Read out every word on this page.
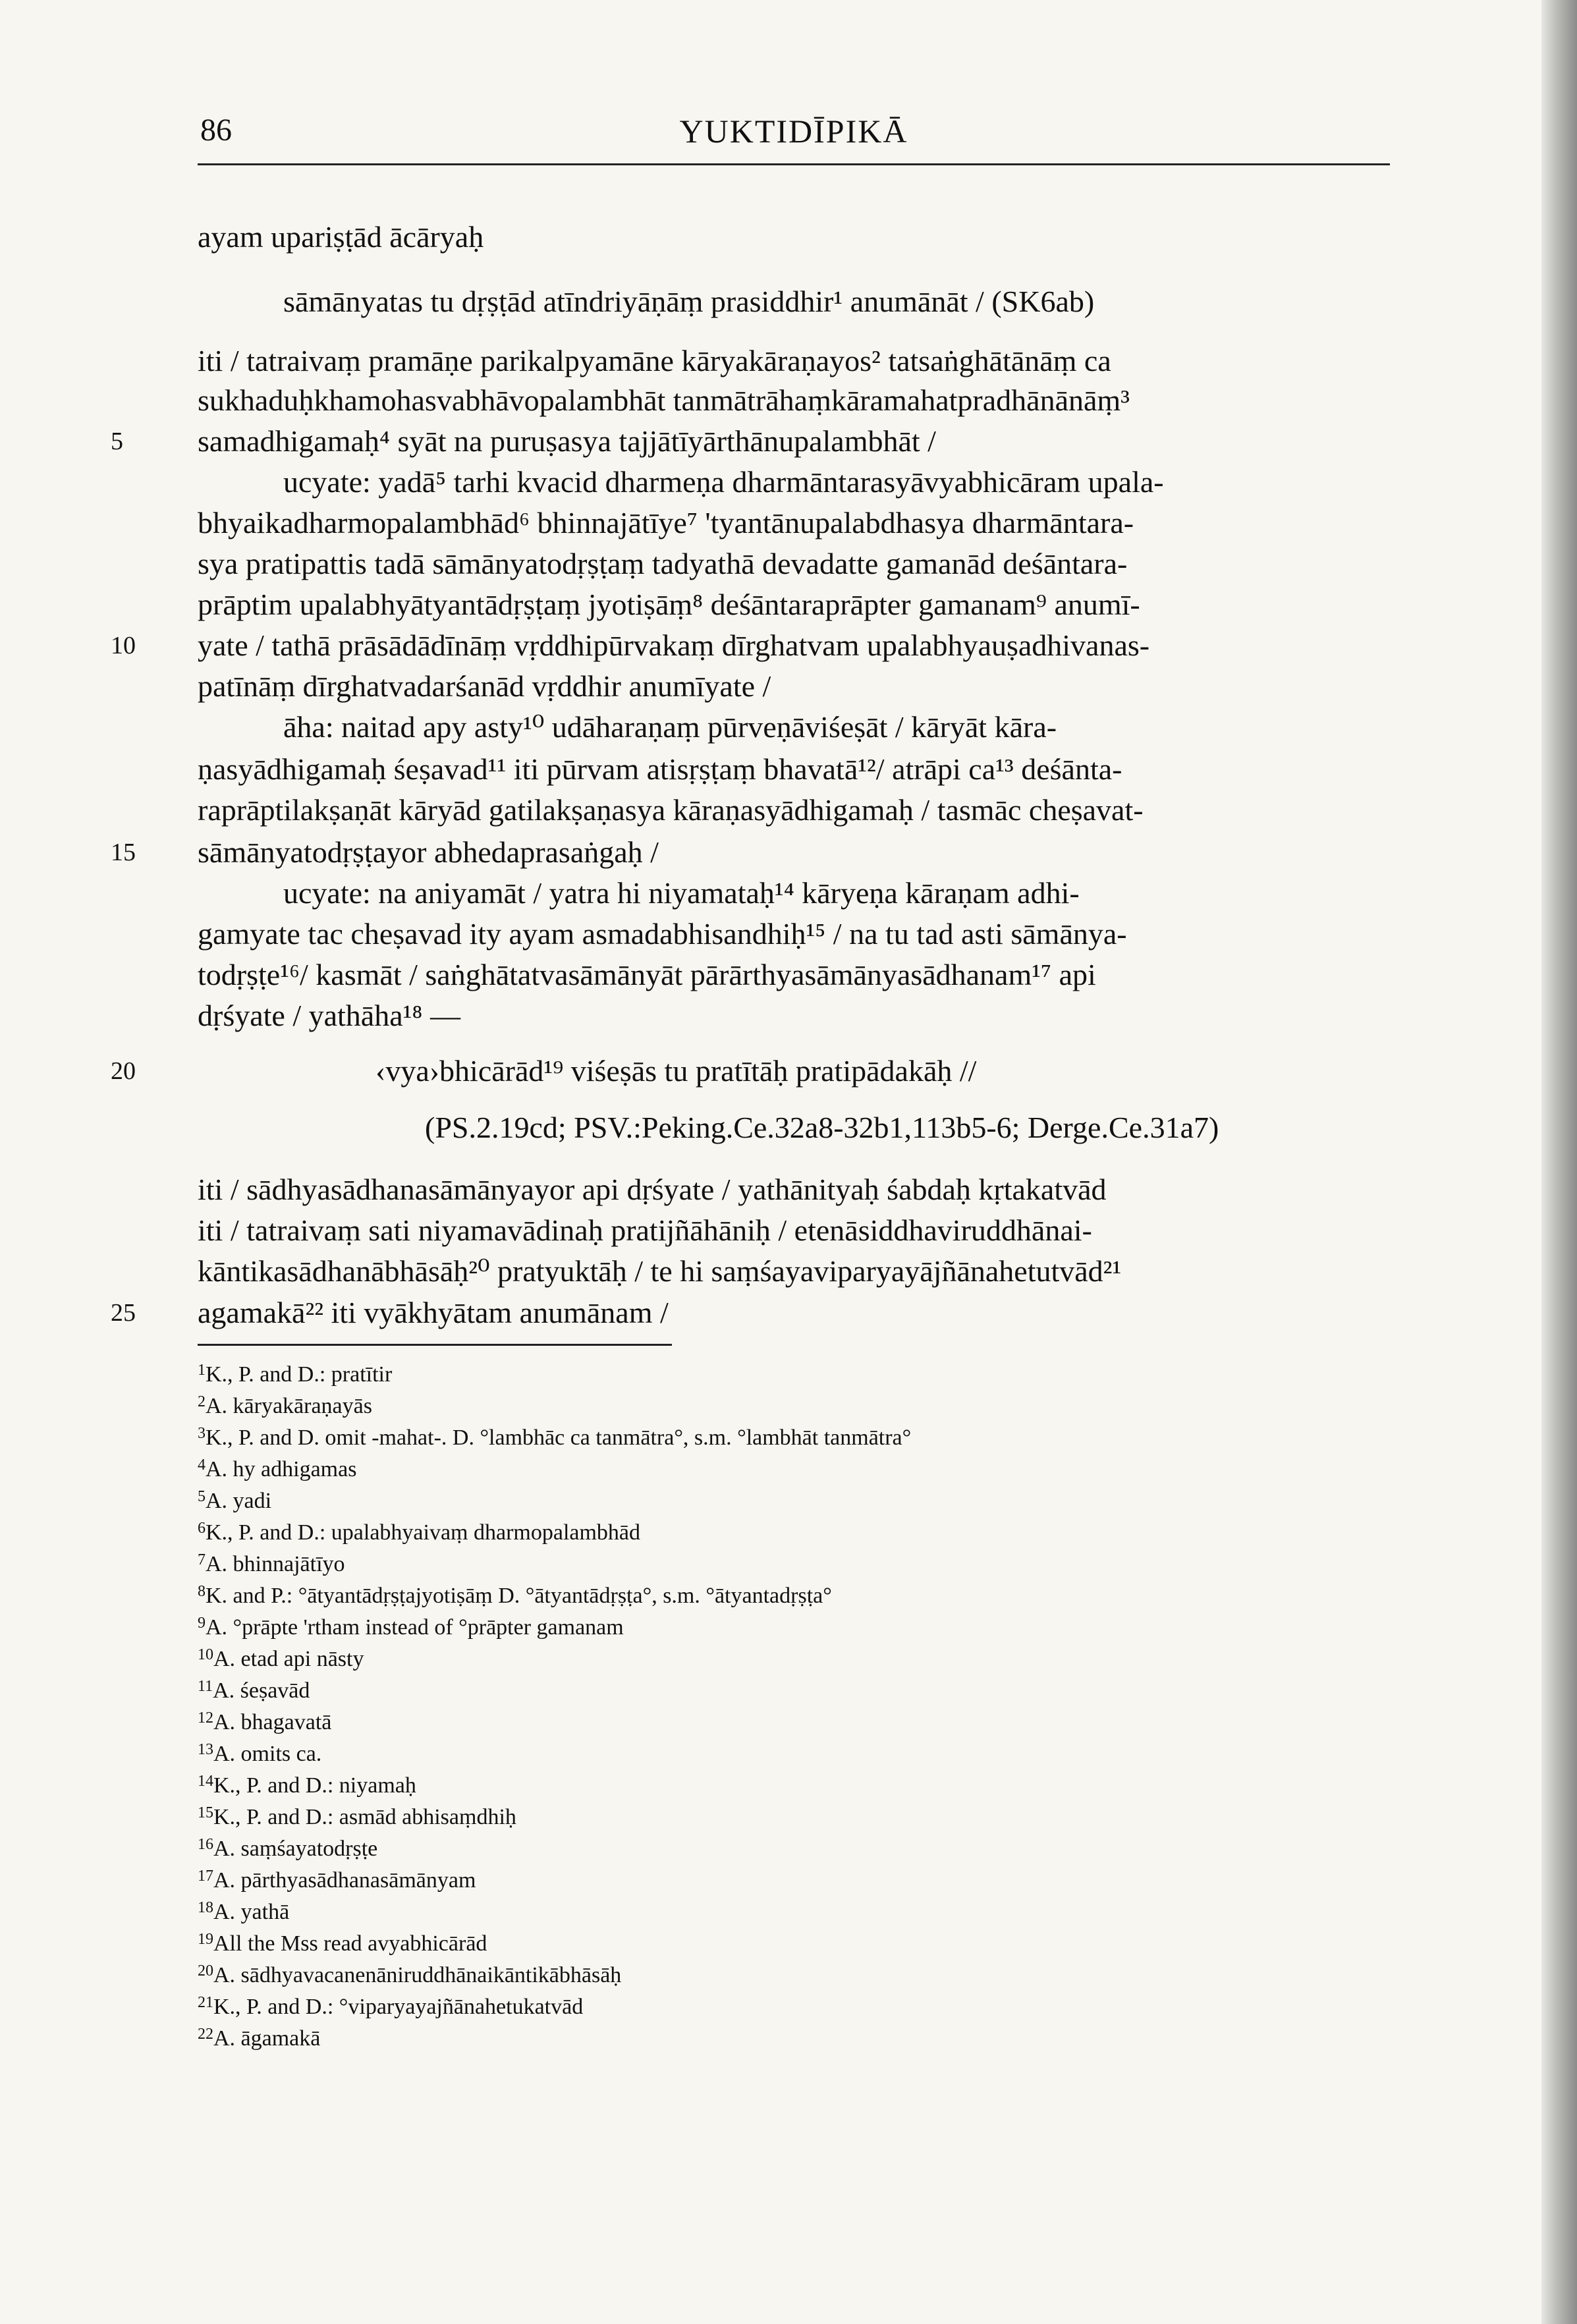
86	YUKTIDĪPIKĀ
5
10
15
20
25
ayam upariṣṭād ācāryaḥ
sāmānyatas tu dṛṣṭād atīndriyāṇāṃ prasiddhir¹ anumānāt / (SK6ab)
iti / tatraivaṃ pramāṇe parikalpyamāne kāryakāraṇayos² tatsaṅghātānāṃ ca
sukhaduḥkhamohasvabhāvopalambhāt tanmātrāhaṃkāramahatpradhānānāṃ³
samadhigamaḥ⁴ syāt na puruṣasya tajjātīyārthānupalambhāt /
ucyate: yadā⁵ tarhi kvacid dharmeṇa dharmāntarasyāvyabhicāram upala-
bhyaikadharmopalambhād⁶ bhinnajātīye⁷ 'tyantānupalabdhasya dharmāntara-
sya pratipattis tadā sāmānyatodṛṣṭaṃ tadyathā devadatte gamanād deśāntara-
prāptim upalabhyātyantādṛṣṭaṃ jyotiṣāṃ⁸ deśāntaraprāpter gamanam⁹ anumī-
yate / tathā prāsādādīnāṃ vṛddhipūrvakaṃ dīrghatvam upalabhyauṣadhivanas-
patīnāṃ dīrghatvadarśanād vṛddhir anumīyate /
āha: naitad apy asty¹⁰ udāharaṇaṃ pūrveṇāviśeṣāt / kāryāt kāra-
ṇasyādhigamaḥ śeṣavad¹¹ iti pūrvam atisṛṣṭaṃ bhavatā¹²/ atrāpi ca¹³ deśānta-
raprāptilakṣaṇāt kāryād gatilakṣaṇasya kāraṇasyādhigamaḥ / tasmāc cheṣavat-
sāmānyatodṛṣṭayor abhedaprasaṅgaḥ /
ucyate: na aniyamāt / yatra hi niyamataḥ¹⁴ kāryeṇa kāraṇam adhi-
gamyate tac cheṣavad ity ayam asmadabhisandhiḥ¹⁵ / na tu tad asti sāmānya-
todṛṣṭe¹⁶/ kasmāt / saṅghātatvasāmānyāt pārārthyasāmānyasādhanam¹⁷ api
dṛśyate / yathāha¹⁸ —
‹vya›bhicārād¹⁹ viśeṣās tu pratītāḥ pratipādakāḥ //
(PS.2.19cd; PSV.:Peking.Ce.32a8-32b1,113b5-6; Derge.Ce.31a7)
iti / sādhyasādhanasāmānyayor api dṛśyate / yathānityaḥ śabdaḥ kṛtakatvād
iti / tatraivaṃ sati niyamavādinaḥ pratijñāhāniḥ / etenāsiddhaviruddhānai-
kāntikasādhanābhāsāḥ²⁰ pratyuktāḥ / te hi saṃśayaviparyayājñānahetutvād²¹
agamakā²² iti vyākhyātam anumānam /
$^1$K., P. and D.: pratītir
$^2$A. kāryakāraṇayās
$^3$K., P. and D. omit -mahat-. D. °lambhāc ca tanmātra°, s.m. °lambhāt tanmātra°
$^4$A. hy adhigamas
$^5$A. yadi
$^6$K., P. and D.: upalabhyaivaṃ dharmopalambhād
$^7$A. bhinnajātīyo
$^8$K. and P.: °ātyantādṛṣṭajyotiṣāṃ D. °ātyantādṛṣṭa°, s.m. °ātyantadṛṣṭa°
$^9$A. °prāpte 'rtham instead of °prāpter gamanam
$^{10}$A. etad api nāsty
$^{11}$A. śeṣavād
$^{12}$A. bhagavatā
$^{13}$A. omits ca.
$^{14}$K., P. and D.: niyamaḥ
$^{15}$K., P. and D.: asmād abhisaṃdhiḥ
$^{16}$A. saṃśayatodṛṣṭe
$^{17}$A. pārthyasādhanasāmānyam
$^{18}$A. yathā
$^{19}$All the Mss read avyabhicārād
$^{20}$A. sādhyavacanenāniruddhānaikāntikābhāsāḥ
$^{21}$K., P. and D.: °viparyayajñānahetukatvād
$^{22}$A. āgamakā
